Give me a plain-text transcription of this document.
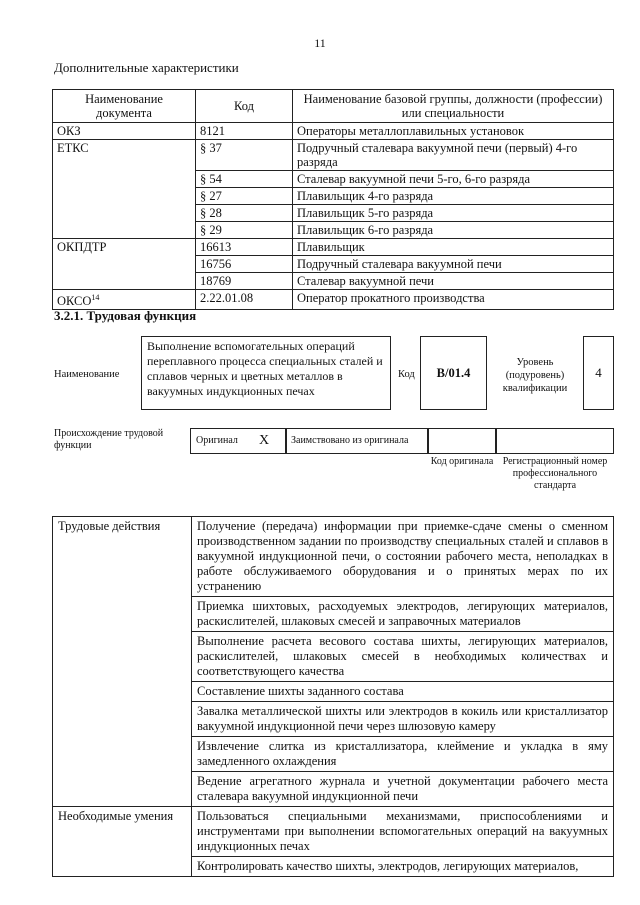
11
Дополнительные характеристики
Наименование документа	Код	Наименование базовой группы, должности (профессии) или специальности
ОКЗ	8121	Операторы металлоплавильных установок
ЕТКС	§ 37	Подручный сталевара вакуумной печи (первый) 4-го разряда
	§ 54	Сталевар вакуумной печи 5-го, 6-го разряда
	§ 27	Плавильщик 4-го разряда
	§ 28	Плавильщик 5-го разряда
	§ 29	Плавильщик 6-го разряда
ОКПДТР	16613	Плавильщик
	16756	Подручный сталевара вакуумной печи
	18769	Сталевар вакуумной печи
ОКСО$^{14}$	2.22.01.08	Оператор прокатного производства
3.2.1. Трудовая функция
Наименование
Выполнение вспомогательных операций переплавного процесса специальных сталей и сплавов черных и цветных металлов в вакуумных индукционных печах
Код	B/01.4
Уровень (подуровень) квалификации
4
Происхождение трудовой функции	Оригинал X	Заимствовано из оригинала
Код оригинала Регистрационный номер профессионального стандарта
Трудовые действия	Получение (передача) информации при приемке-сдаче смены о сменном производственном задании по производству специальных сталей и сплавов в вакуумной индукционной печи, о состоянии рабочего места, неполадках в работе обслуживаемого оборудования и о принятых мерах по их устранению
	Приемка шихтовых, расходуемых электродов, легирующих материалов, раскислителей, шлаковых смесей и заправочных материалов
	Выполнение расчета весового состава шихты, легирующих материалов, раскислителей, шлаковых смесей в необходимых количествах и соответствующего качества
	Составление шихты заданного состава
	Завалка металлической шихты или электродов в кокиль или кристаллизатор вакуумной индукционной печи через шлюзовую камеру
	Извлечение слитка из кристаллизатора, клеймение и укладка в яму замедленного охлаждения
	Ведение агрегатного журнала и учетной документации рабочего места сталевара вакуумной индукционной печи
Необходимые умения	Пользоваться специальными механизмами, приспособлениями и инструментами при выполнении вспомогательных операций на вакуумных индукционных печах
	Контролировать качество шихты, электродов, легирующих материалов,
